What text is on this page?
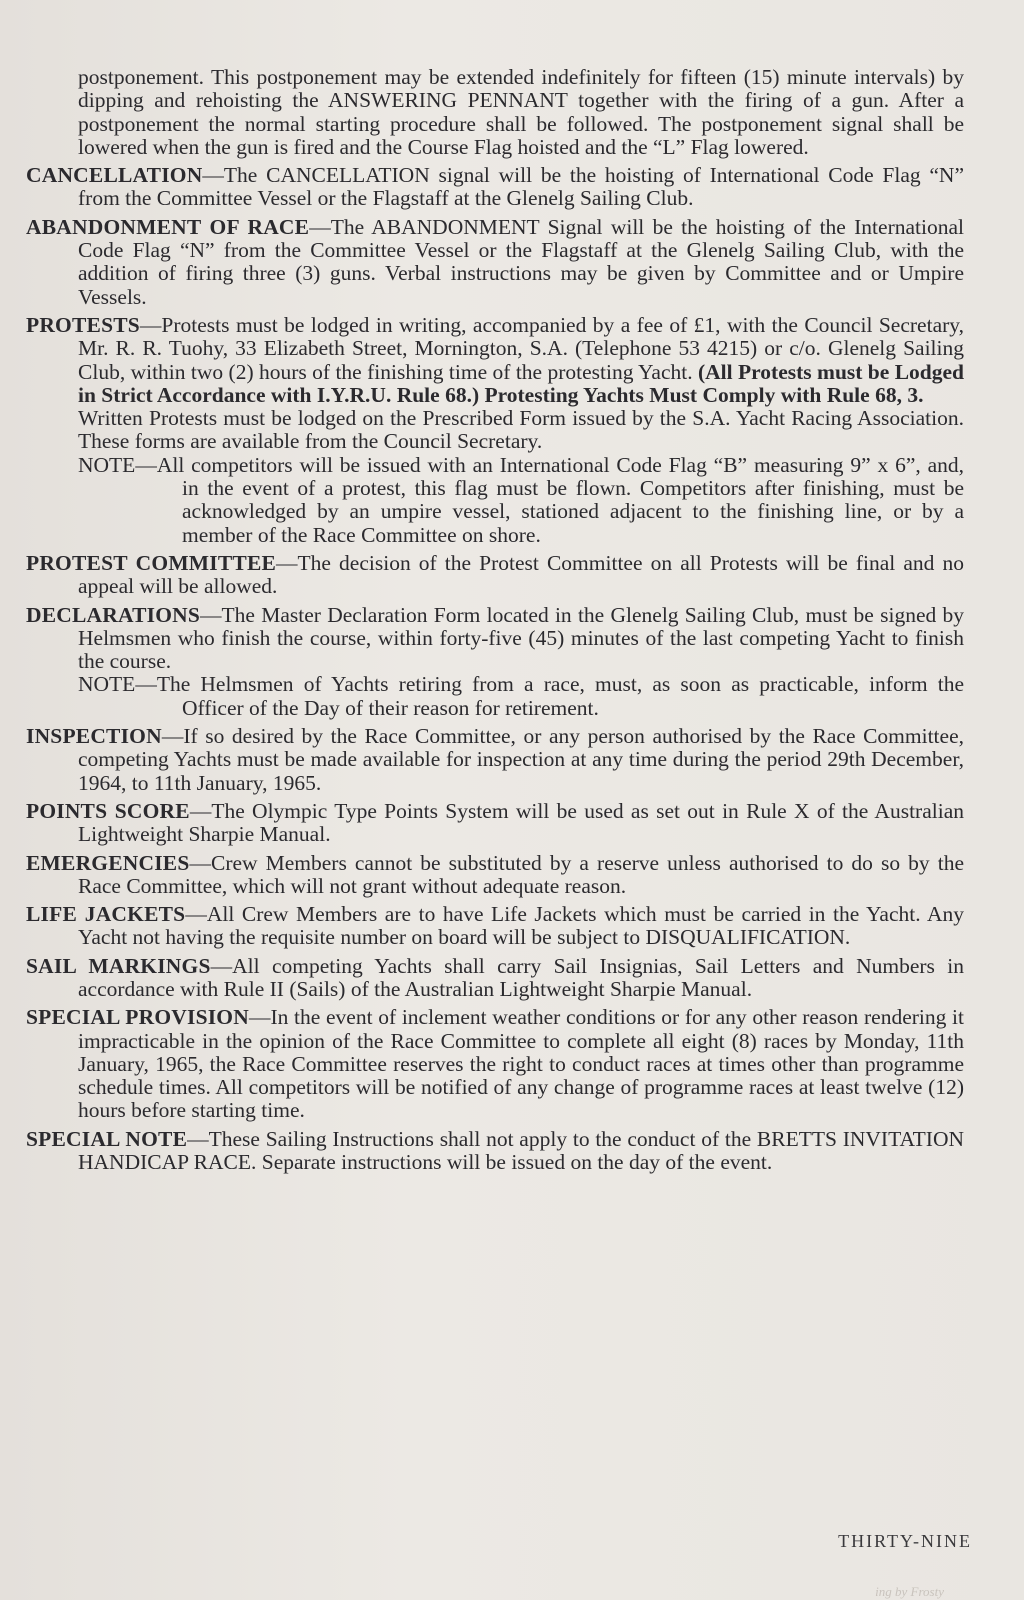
postponement. This postponement may be extended indefinitely for fifteen (15) minute intervals) by dipping and rehoisting the ANSWERING PENNANT together with the firing of a gun. After a postponement the normal starting procedure shall be followed. The postponement signal shall be lowered when the gun is fired and the Course Flag hoisted and the “L” Flag lowered.

CANCELLATION—The CANCELLATION signal will be the hoisting of International Code Flag “N” from the Committee Vessel or the Flagstaff at the Glenelg Sailing Club.

ABANDONMENT OF RACE—The ABANDONMENT Signal will be the hoisting of the International Code Flag “N” from the Committee Vessel or the Flagstaff at the Glenelg Sailing Club, with the addition of firing three (3) guns. Verbal instructions may be given by Committee and or Umpire Vessels.

PROTESTS—Protests must be lodged in writing, accompanied by a fee of £1, with the Council Secretary, Mr. R. R. Tuohy, 33 Elizabeth Street, Mornington, S.A. (Telephone 53 4215) or c/o. Glenelg Sailing Club, within two (2) hours of the finishing time of the protesting Yacht. (All Protests must be Lodged in Strict Accordance with I.Y.R.U. Rule 68.) Protesting Yachts Must Comply with Rule 68, 3.

Written Protests must be lodged on the Prescribed Form issued by the S.A. Yacht Racing Association. These forms are available from the Council Secretary.

NOTE—All competitors will be issued with an International Code Flag “B” measuring 9” x 6”, and, in the event of a protest, this flag must be flown. Competitors after finishing, must be acknowledged by an umpire vessel, stationed adjacent to the finishing line, or by a member of the Race Committee on shore.

PROTEST COMMITTEE—The decision of the Protest Committee on all Protests will be final and no appeal will be allowed.

DECLARATIONS—The Master Declaration Form located in the Glenelg Sailing Club, must be signed by Helmsmen who finish the course, within forty-five (45) minutes of the last competing Yacht to finish the course.

NOTE—The Helmsmen of Yachts retiring from a race, must, as soon as practicable, inform the Officer of the Day of their reason for retirement.

INSPECTION—If so desired by the Race Committee, or any person authorised by the Race Committee, competing Yachts must be made available for inspection at any time during the period 29th December, 1964, to 11th January, 1965.

POINTS SCORE—The Olympic Type Points System will be used as set out in Rule X of the Australian Lightweight Sharpie Manual.

EMERGENCIES—Crew Members cannot be substituted by a reserve unless authorised to do so by the Race Committee, which will not grant without adequate reason.

LIFE JACKETS—All Crew Members are to have Life Jackets which must be carried in the Yacht. Any Yacht not having the requisite number on board will be subject to DISQUALIFICATION.

SAIL MARKINGS—All competing Yachts shall carry Sail Insignias, Sail Letters and Numbers in accordance with Rule II (Sails) of the Australian Lightweight Sharpie Manual.

SPECIAL PROVISION—In the event of inclement weather conditions or for any other reason rendering it impracticable in the opinion of the Race Committee to complete all eight (8) races by Monday, 11th January, 1965, the Race Committee reserves the right to conduct races at times other than programme schedule times. All competitors will be notified of any change of programme races at least twelve (12) hours before starting time.

SPECIAL NOTE—These Sailing Instructions shall not apply to the conduct of the BRETTS INVITATION HANDICAP RACE. Separate instructions will be issued on the day of the event.

THIRTY-NINE
ing by Frosty
